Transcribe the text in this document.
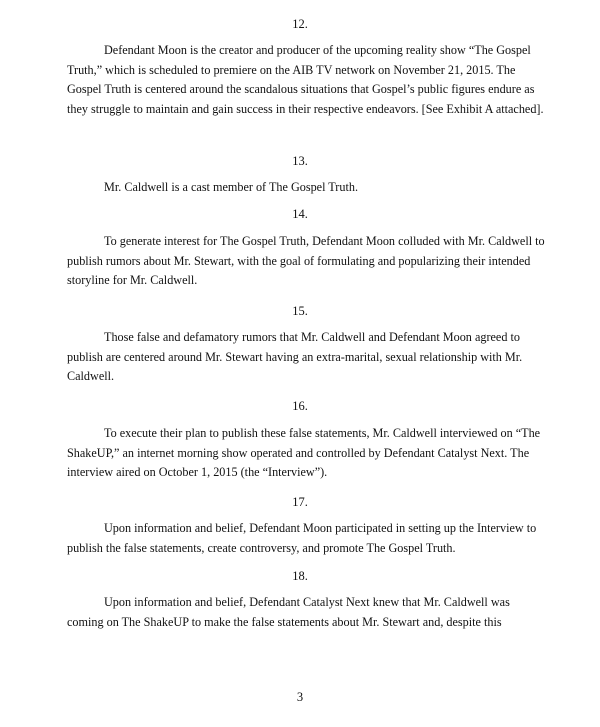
12.

Defendant Moon is the creator and producer of the upcoming reality show “The Gospel Truth,” which is scheduled to premiere on the AIB TV network on November 21, 2015. The Gospel Truth is centered around the scandalous situations that Gospel’s public figures endure as they struggle to maintain and gain success in their respective endeavors. [See Exhibit A attached].

13.

Mr. Caldwell is a cast member of The Gospel Truth.

14.

To generate interest for The Gospel Truth, Defendant Moon colluded with Mr. Caldwell to publish rumors about Mr. Stewart, with the goal of formulating and popularizing their intended storyline for Mr. Caldwell.

15.

Those false and defamatory rumors that Mr. Caldwell and Defendant Moon agreed to publish are centered around Mr. Stewart having an extra-marital, sexual relationship with Mr. Caldwell.

16.

To execute their plan to publish these false statements, Mr. Caldwell interviewed on “The ShakeUP,” an internet morning show operated and controlled by Defendant Catalyst Next. The interview aired on October 1, 2015 (the “Interview”).

17.

Upon information and belief, Defendant Moon participated in setting up the Interview to publish the false statements, create controversy, and promote The Gospel Truth.

18.

Upon information and belief, Defendant Catalyst Next knew that Mr. Caldwell was coming on The ShakeUP to make the false statements about Mr. Stewart and, despite this

3
